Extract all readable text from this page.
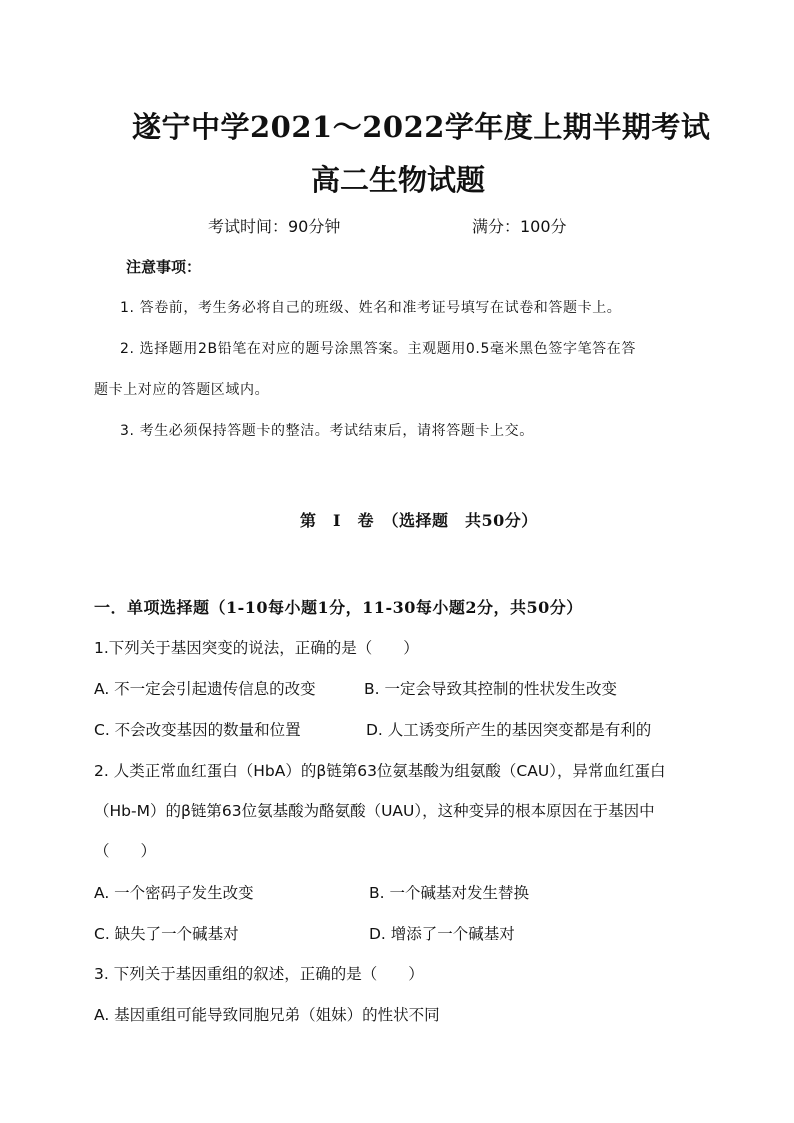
遂宁中学2021～2022学年度上期半期考试
高二生物试题
考试时间：90分钟	满分：100分
注意事项：
1. 答卷前，考生务必将自己的班级、姓名和准考证号填写在试卷和答题卡上。
2. 选择题用2B铅笔在对应的题号涂黑答案。主观题用0.5毫米黑色签字笔答在答
题卡上对应的答题区域内。
3. 考生必须保持答题卡的整洁。考试结束后，请将答题卡上交。
第　Ⅰ　卷　（选择题　共50分）
一．单项选择题（1-10每小题1分，11-30每小题2分，共50分）
1.下列关于基因突变的说法，正确的是（　　）
A. 不一定会引起遗传信息的改变	B. 一定会导致其控制的性状发生改变
C. 不会改变基因的数量和位置	D. 人工诱变所产生的基因突变都是有利的
2. 人类正常血红蛋白（HbA）的β链第63位氨基酸为组氨酸（CAU），异常血红蛋白
（Hb-M）的β链第63位氨基酸为酪氨酸（UAU），这种变异的根本原因在于基因中
（　　）
A. 一个密码子发生改变	B. 一个碱基对发生替换
C. 缺失了一个碱基对	D. 增添了一个碱基对
3. 下列关于基因重组的叙述，正确的是（　　）
A. 基因重组可能导致同胞兄弟（姐妹）的性状不同
